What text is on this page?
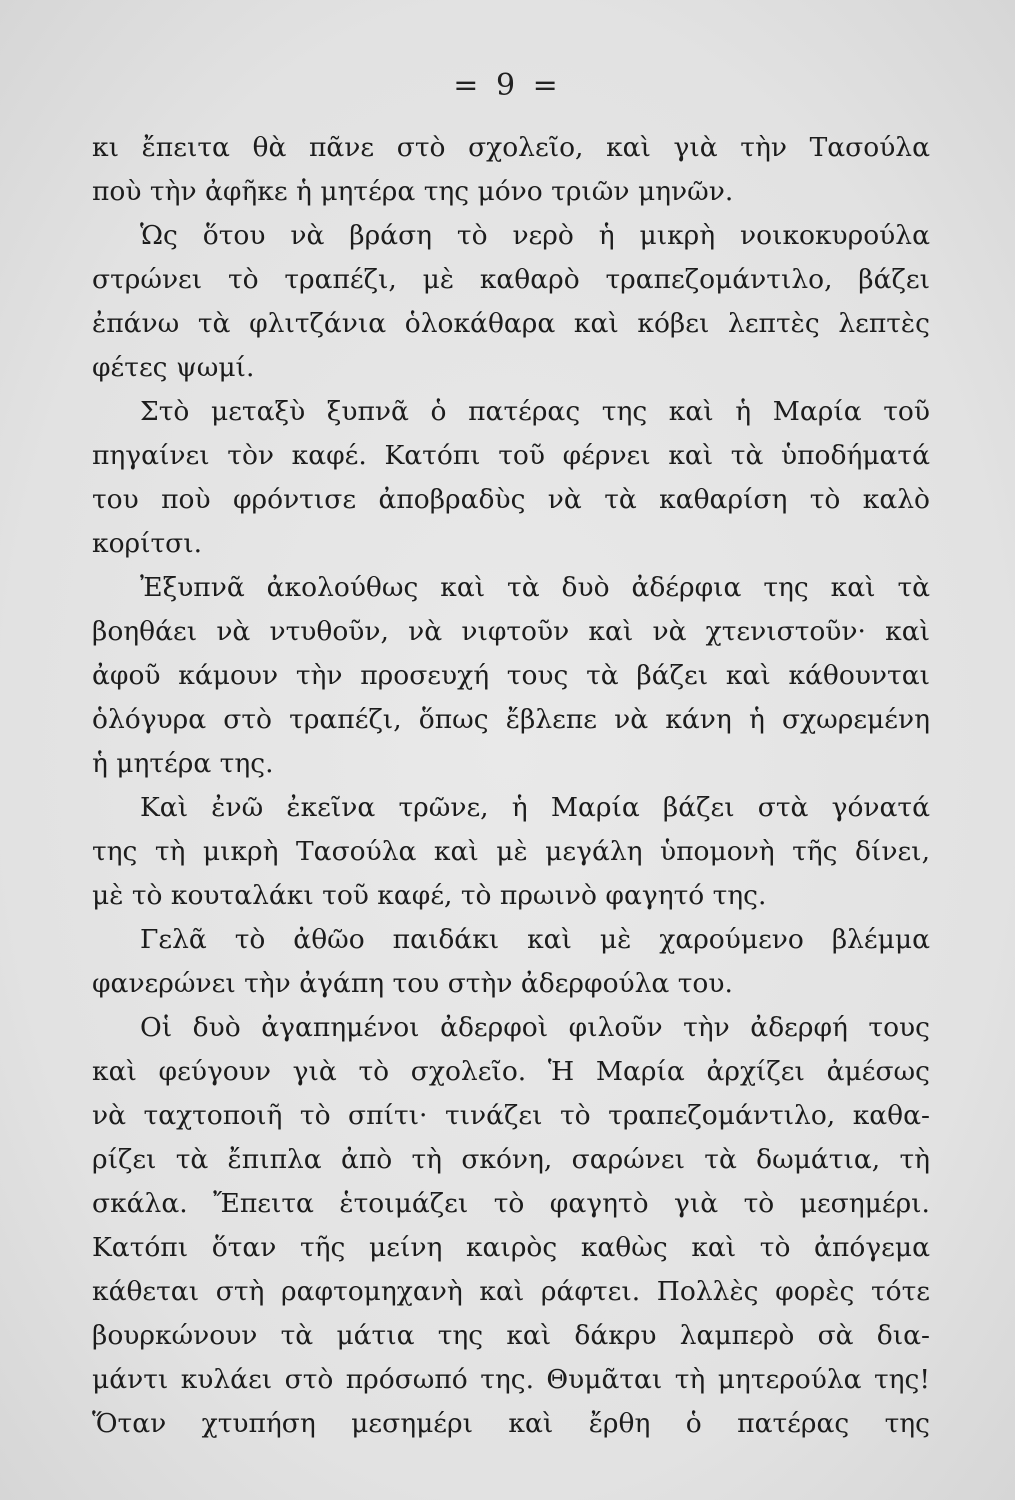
= 9 =
κι ἔπειτα θὰ πᾶνε στὸ σχολεῖο, καὶ γιὰ τὴν Τασούλα
ποὺ τὴν ἀφῆκε ἡ μητέρα της μόνο τριῶν μηνῶν.
Ὡς ὅτου νὰ βράση τὸ νερὸ ἡ μικρὴ νοικοκυρούλα
στρώνει τὸ τραπέζι, μὲ καθαρὸ τραπεζομάντιλο, βάζει
ἐπάνω τὰ φλιτζάνια ὁλοκάθαρα καὶ κόβει λεπτὲς λεπτὲς
φέτες ψωμί.
Στὸ μεταξὺ ξυπνᾶ ὁ πατέρας της καὶ ἡ Μαρία τοῦ
πηγαίνει τὸν καφέ. Κατόπι τοῦ φέρνει καὶ τὰ ὑποδήματά
του ποὺ φρόντισε ἀποβραδὺς νὰ τὰ καθαρίση τὸ καλὸ
κορίτσι.
Ἐξυπνᾶ ἀκολούθως καὶ τὰ δυὸ ἀδέρφια της καὶ τὰ
βοηθάει νὰ ντυθοῦν, νὰ νιφτοῦν καὶ νὰ χτενιστοῦν· καὶ
ἀφοῦ κάμουν τὴν προσευχή τους τὰ βάζει καὶ κάθουνται
ὁλόγυρα στὸ τραπέζι, ὅπως ἔβλεπε νὰ κάνη ἡ σχωρεμένη
ἡ μητέρα της.
Καὶ ἐνῶ ἐκεῖνα τρῶνε, ἡ Μαρία βάζει στὰ γόνατά
της τὴ μικρὴ Τασούλα καὶ μὲ μεγάλη ὑπομονὴ τῆς δίνει,
μὲ τὸ κουταλάκι τοῦ καφέ, τὸ πρωινὸ φαγητό της.
Γελᾶ τὸ ἀθῶο παιδάκι καὶ μὲ χαρούμενο βλέμμα
φανερώνει τὴν ἀγάπη του στὴν ἀδερφούλα του.
Οἱ δυὸ ἀγαπημένοι ἀδερφοὶ φιλοῦν τὴν ἀδερφή τους
καὶ φεύγουν γιὰ τὸ σχολεῖο. Ἡ Μαρία ἀρχίζει ἀμέσως
νὰ ταχτοποιῆ τὸ σπίτι· τινάζει τὸ τραπεζομάντιλο, καθα-
ρίζει τὰ ἔπιπλα ἀπὸ τὴ σκόνη, σαρώνει τὰ δωμάτια, τὴ
σκάλα. Ἔπειτα ἑτοιμάζει τὸ φαγητὸ γιὰ τὸ μεσημέρι.
Κατόπι ὅταν τῆς μείνη καιρὸς καθὼς καὶ τὸ ἀπόγεμα
κάθεται στὴ ραφτομηχανὴ καὶ ράφτει. Πολλὲς φορὲς τότε
βουρκώνουν τὰ μάτια της καὶ δάκρυ λαμπερὸ σὰ δια-
μάντι κυλάει στὸ πρόσωπό της. Θυμᾶται τὴ μητερούλα της!
Ὅταν χτυπήση μεσημέρι καὶ ἔρθη ὁ πατέρας της
